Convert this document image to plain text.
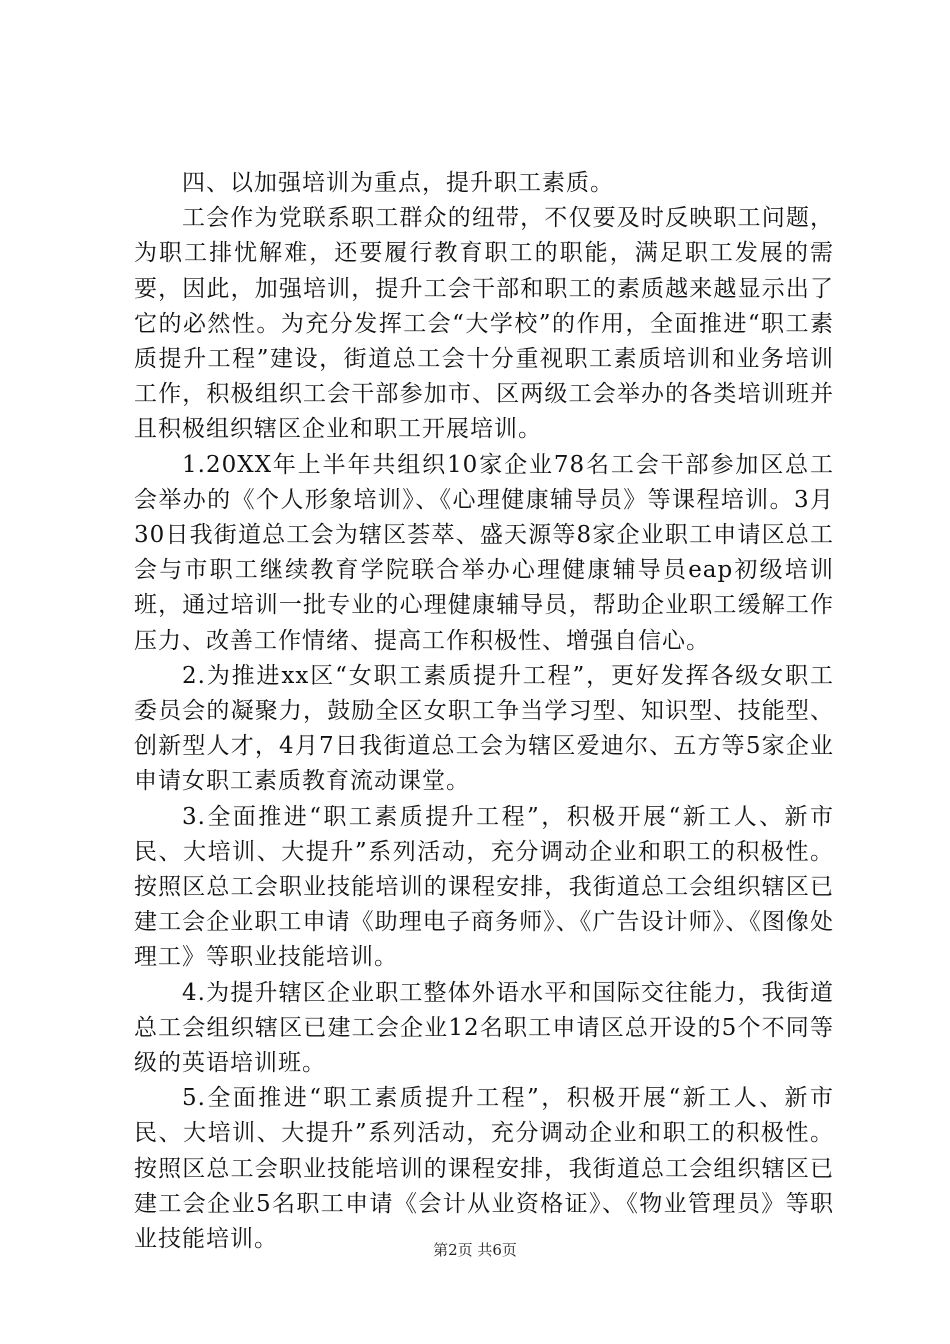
四、以加强培训为重点，提升职工素质。

工会作为党联系职工群众的纽带，不仅要及时反映职工问题，为职工排忧解难，还要履行教育职工的职能，满足职工发展的需要，因此，加强培训，提升工会干部和职工的素质越来越显示出了它的必然性。为充分发挥工会“大学校”的作用，全面推进“职工素质提升工程”建设，街道总工会十分重视职工素质培训和业务培训工作，积极组织工会干部参加市、区两级工会举办的各类培训班并且积极组织辖区企业和职工开展培训。

1.20XX年上半年共组织10家企业78名工会干部参加区总工会举办的《个人形象培训》、《心理健康辅导员》等课程培训。3月30日我街道总工会为辖区荟萃、盛天源等8家企业职工申请区总工会与市职工继续教育学院联合举办心理健康辅导员eap初级培训班，通过培训一批专业的心理健康辅导员，帮助企业职工缓解工作压力、改善工作情绪、提高工作积极性、增强自信心。

2.为推进xx区“女职工素质提升工程”，更好发挥各级女职工委员会的凝聚力，鼓励全区女职工争当学习型、知识型、技能型、创新型人才，4月7日我街道总工会为辖区爱迪尔、五方等5家企业申请女职工素质教育流动课堂。

3.全面推进“职工素质提升工程”，积极开展“新工人、新市民、大培训、大提升”系列活动，充分调动企业和职工的积极性。按照区总工会职业技能培训的课程安排，我街道总工会组织辖区已建工会企业职工申请《助理电子商务师》、《广告设计师》、《图像处理工》等职业技能培训。

4.为提升辖区企业职工整体外语水平和国际交往能力，我街道总工会组织辖区已建工会企业12名职工申请区总开设的5个不同等级的英语培训班。

5.全面推进“职工素质提升工程”，积极开展“新工人、新市民、大培训、大提升”系列活动，充分调动企业和职工的积极性。按照区总工会职业技能培训的课程安排，我街道总工会组织辖区已建工会企业5名职工申请《会计从业资格证》、《物业管理员》等职业技能培训。	第2页 共6页
